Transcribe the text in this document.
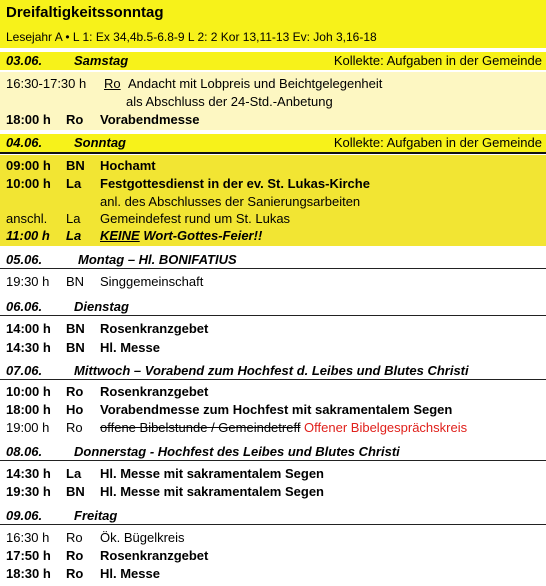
Dreifaltigkeitssonntag
Lesejahr A • L 1: Ex 34,4b.5-6.8-9 L 2: 2 Kor 13,11-13 Ev: Joh 3,16-18
03.06. Samstag	Kollekte: Aufgaben in der Gemeinde
16:30-17:30 h Ro Andacht mit Lobpreis und Beichtgelegenheit
als Abschluss der 24-Std.-Anbetung
18:00 h Ro Vorabendmesse
04.06. Sonntag	Kollekte: Aufgaben in der Gemeinde
09:00 h BN Hochamt
10:00 h La Festgottesdienst in der ev. St. Lukas-Kirche
anl. des Abschlusses der Sanierungsarbeiten
anschl. La Gemeindefest rund um St. Lukas
11:00 h La KEINE Wort-Gottes-Feier!!
05.06.	Montag – Hl. BONIFATIUS
19:30 h BN Singgemeinschaft
06.06. Dienstag
14:00 h BN Rosenkranzgebet
14:30 h BN Hl. Messe
07.06. Mittwoch – Vorabend zum Hochfest d. Leibes und Blutes Christi
10:00 h Ro Rosenkranzgebet
18:00 h Ho Vorabendmesse zum Hochfest mit sakramentalem Segen
19:00 h Ro offene Bibelstunde / Gemeindetreff Offener Bibelgesprächskreis
08.06. Donnerstag - Hochfest des Leibes und Blutes Christi
14:30 h La Hl. Messe mit sakramentalem Segen
19:30 h BN Hl. Messe mit sakramentalem Segen
09.06. Freitag
16:30 h Ro Ök. Bügelkreis
17:50 h Ro Rosenkranzgebet
18:30 h Ro Hl. Messe
